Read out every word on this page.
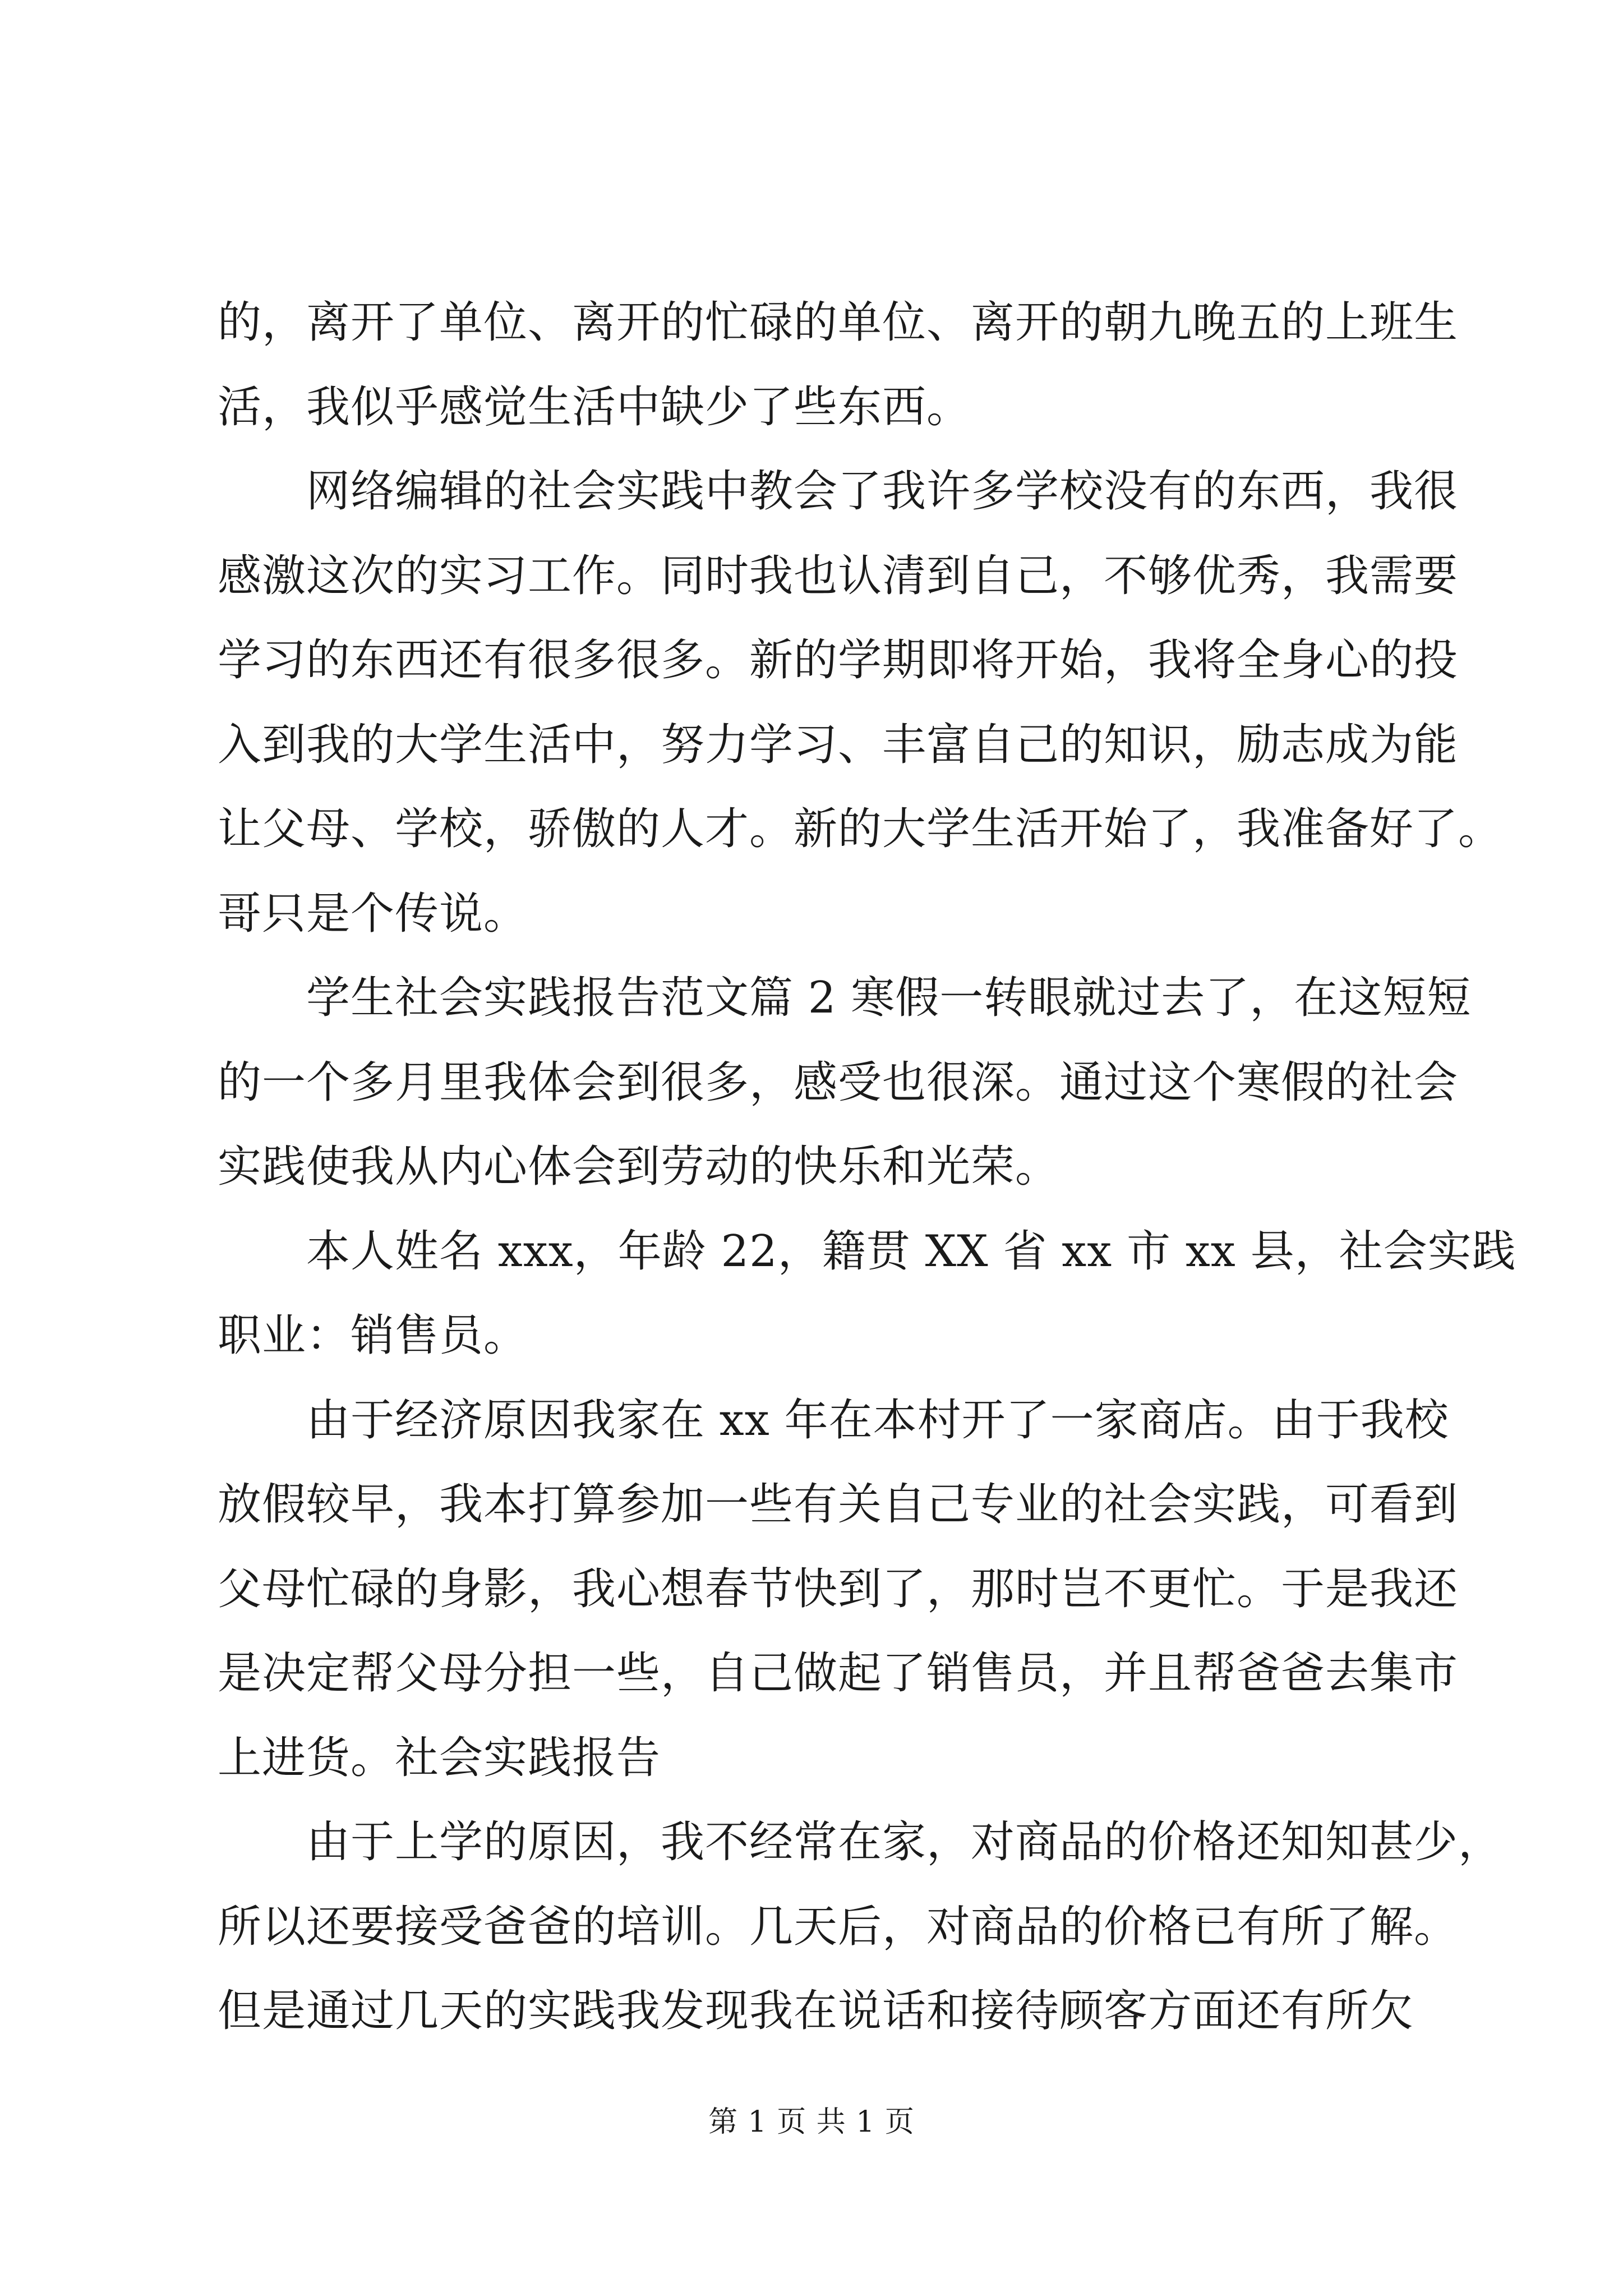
的，离开了单位、离开的忙碌的单位、离开的朝九晚五的上班生
活，我似乎感觉生活中缺少了些东西。
网络编辑的社会实践中教会了我许多学校没有的东西，我很
感激这次的实习工作。同时我也认清到自己，不够优秀，我需要
学习的东西还有很多很多。新的学期即将开始，我将全身心的投
入到我的大学生活中，努力学习、丰富自己的知识，励志成为能
让父母、学校，骄傲的人才。新的大学生活开始了，我准备好了。
哥只是个传说。
学生社会实践报告范文篇 2 寒假一转眼就过去了，在这短短
的一个多月里我体会到很多，感受也很深。通过这个寒假的社会
实践使我从内心体会到劳动的快乐和光荣。
本人姓名 xxx，年龄 22，籍贯 XX 省 xx 市 xx 县，社会实践
职业：销售员。
由于经济原因我家在 xx 年在本村开了一家商店。由于我校
放假较早，我本打算参加一些有关自己专业的社会实践，可看到
父母忙碌的身影，我心想春节快到了，那时岂不更忙。于是我还
是决定帮父母分担一些，自己做起了销售员，并且帮爸爸去集市
上进货。社会实践报告
由于上学的原因，我不经常在家，对商品的价格还知知甚少，
所以还要接受爸爸的培训。几天后，对商品的价格已有所了解。
但是通过几天的实践我发现我在说话和接待顾客方面还有所欠
第 1 页 共 1 页
